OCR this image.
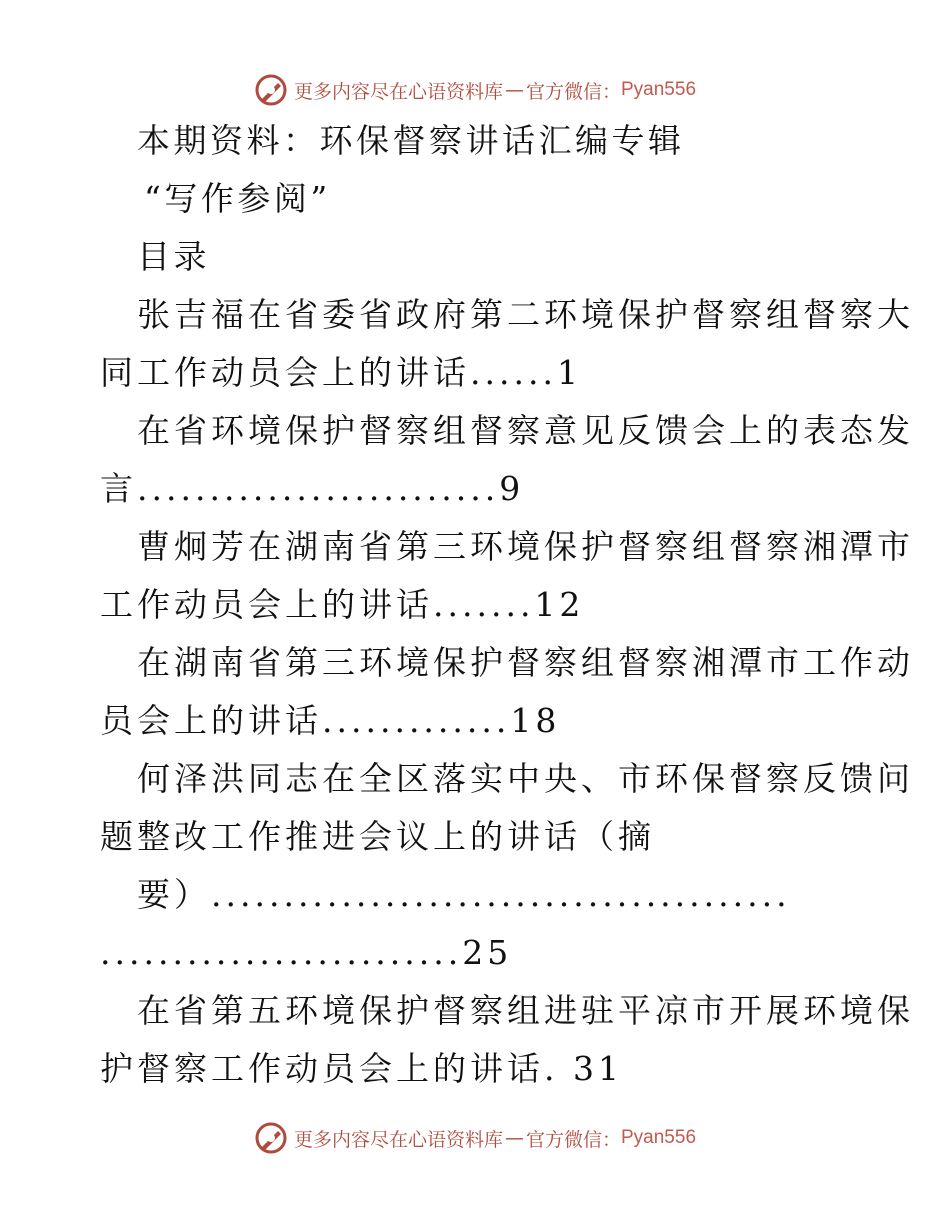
更多内容尽在心语资料库 — 官方微信： Pyan556
本期资料：环保督察讲话汇编专辑
“写作参阅”
目录
张吉福在省委省政府第二环境保护督察组督察大
同工作动员会上的讲话......1
在省环境保护督察组督察意见反馈会上的表态发
言.........................9
曹炯芳在湖南省第三环境保护督察组督察湘潭市
工作动员会上的讲话.......12
在湖南省第三环境保护督察组督察湘潭市工作动
员会上的讲话.............18
何泽洪同志在全区落实中央、市环保督察反馈问
题整改工作推进会议上的讲话（摘
要）........................................
.........................25
在省第五环境保护督察组进驻平凉市开展环境保
护督察工作动员会上的讲话. 31
更多内容尽在心语资料库 — 官方微信： Pyan556
